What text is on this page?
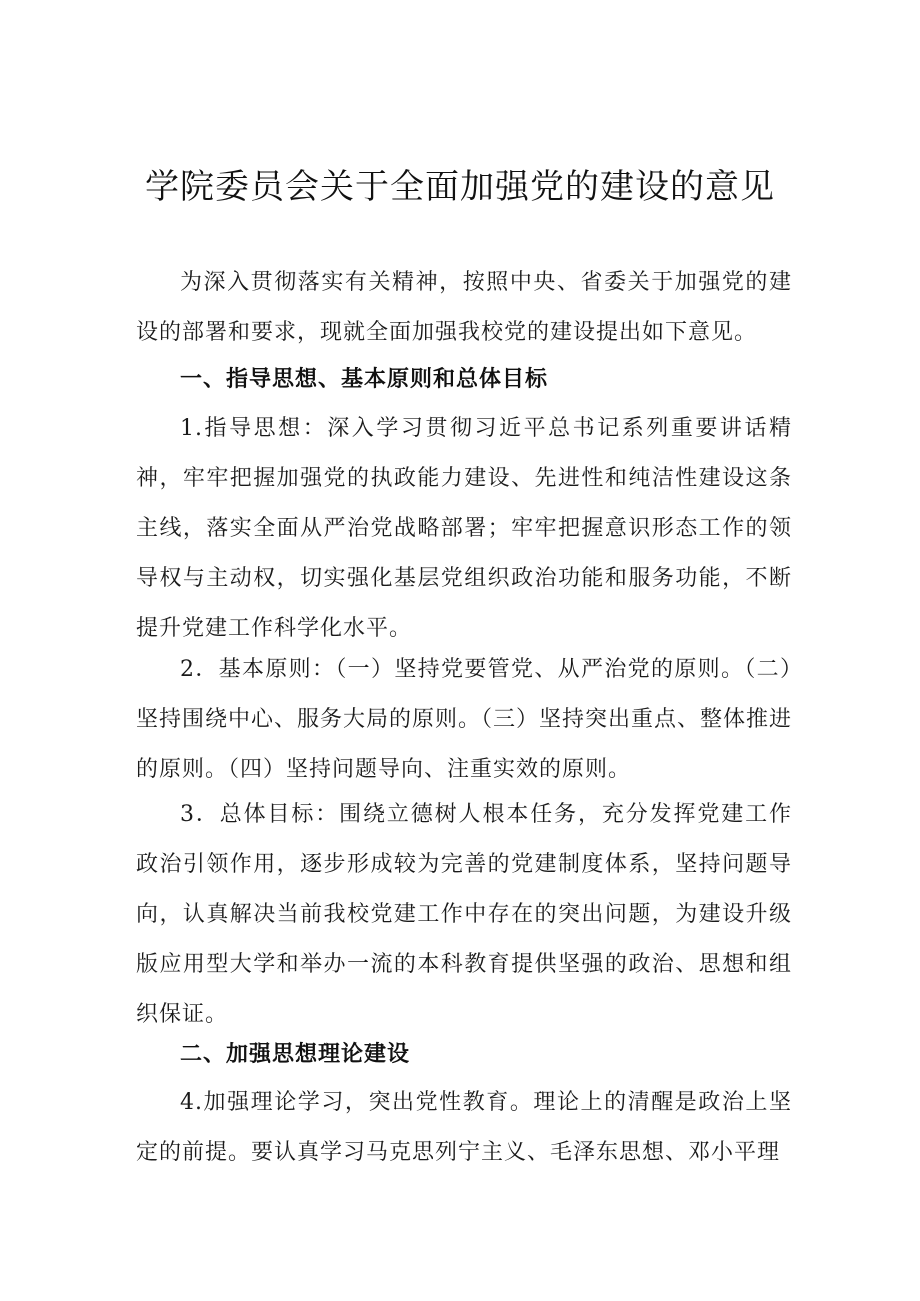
学院委员会关于全面加强党的建设的意见

为深入贯彻落实有关精神，按照中央、省委关于加强党的建设的部署和要求，现就全面加强我校党的建设提出如下意见。

一、指导思想、基本原则和总体目标

1.指导思想：深入学习贯彻习近平总书记系列重要讲话精神，牢牢把握加强党的执政能力建设、先进性和纯洁性建设这条主线，落实全面从严治党战略部署；牢牢把握意识形态工作的领导权与主动权，切实强化基层党组织政治功能和服务功能，不断提升党建工作科学化水平。

2．基本原则：（一）坚持党要管党、从严治党的原则。（二）坚持围绕中心、服务大局的原则。（三）坚持突出重点、整体推进的原则。（四）坚持问题导向、注重实效的原则。

3．总体目标：围绕立德树人根本任务，充分发挥党建工作政治引领作用，逐步形成较为完善的党建制度体系，坚持问题导向，认真解决当前我校党建工作中存在的突出问题，为建设升级版应用型大学和举办一流的本科教育提供坚强的政治、思想和组织保证。

二、加强思想理论建设

4.加强理论学习，突出党性教育。理论上的清醒是政治上坚定的前提。要认真学习马克思列宁主义、毛泽东思想、邓小平理
